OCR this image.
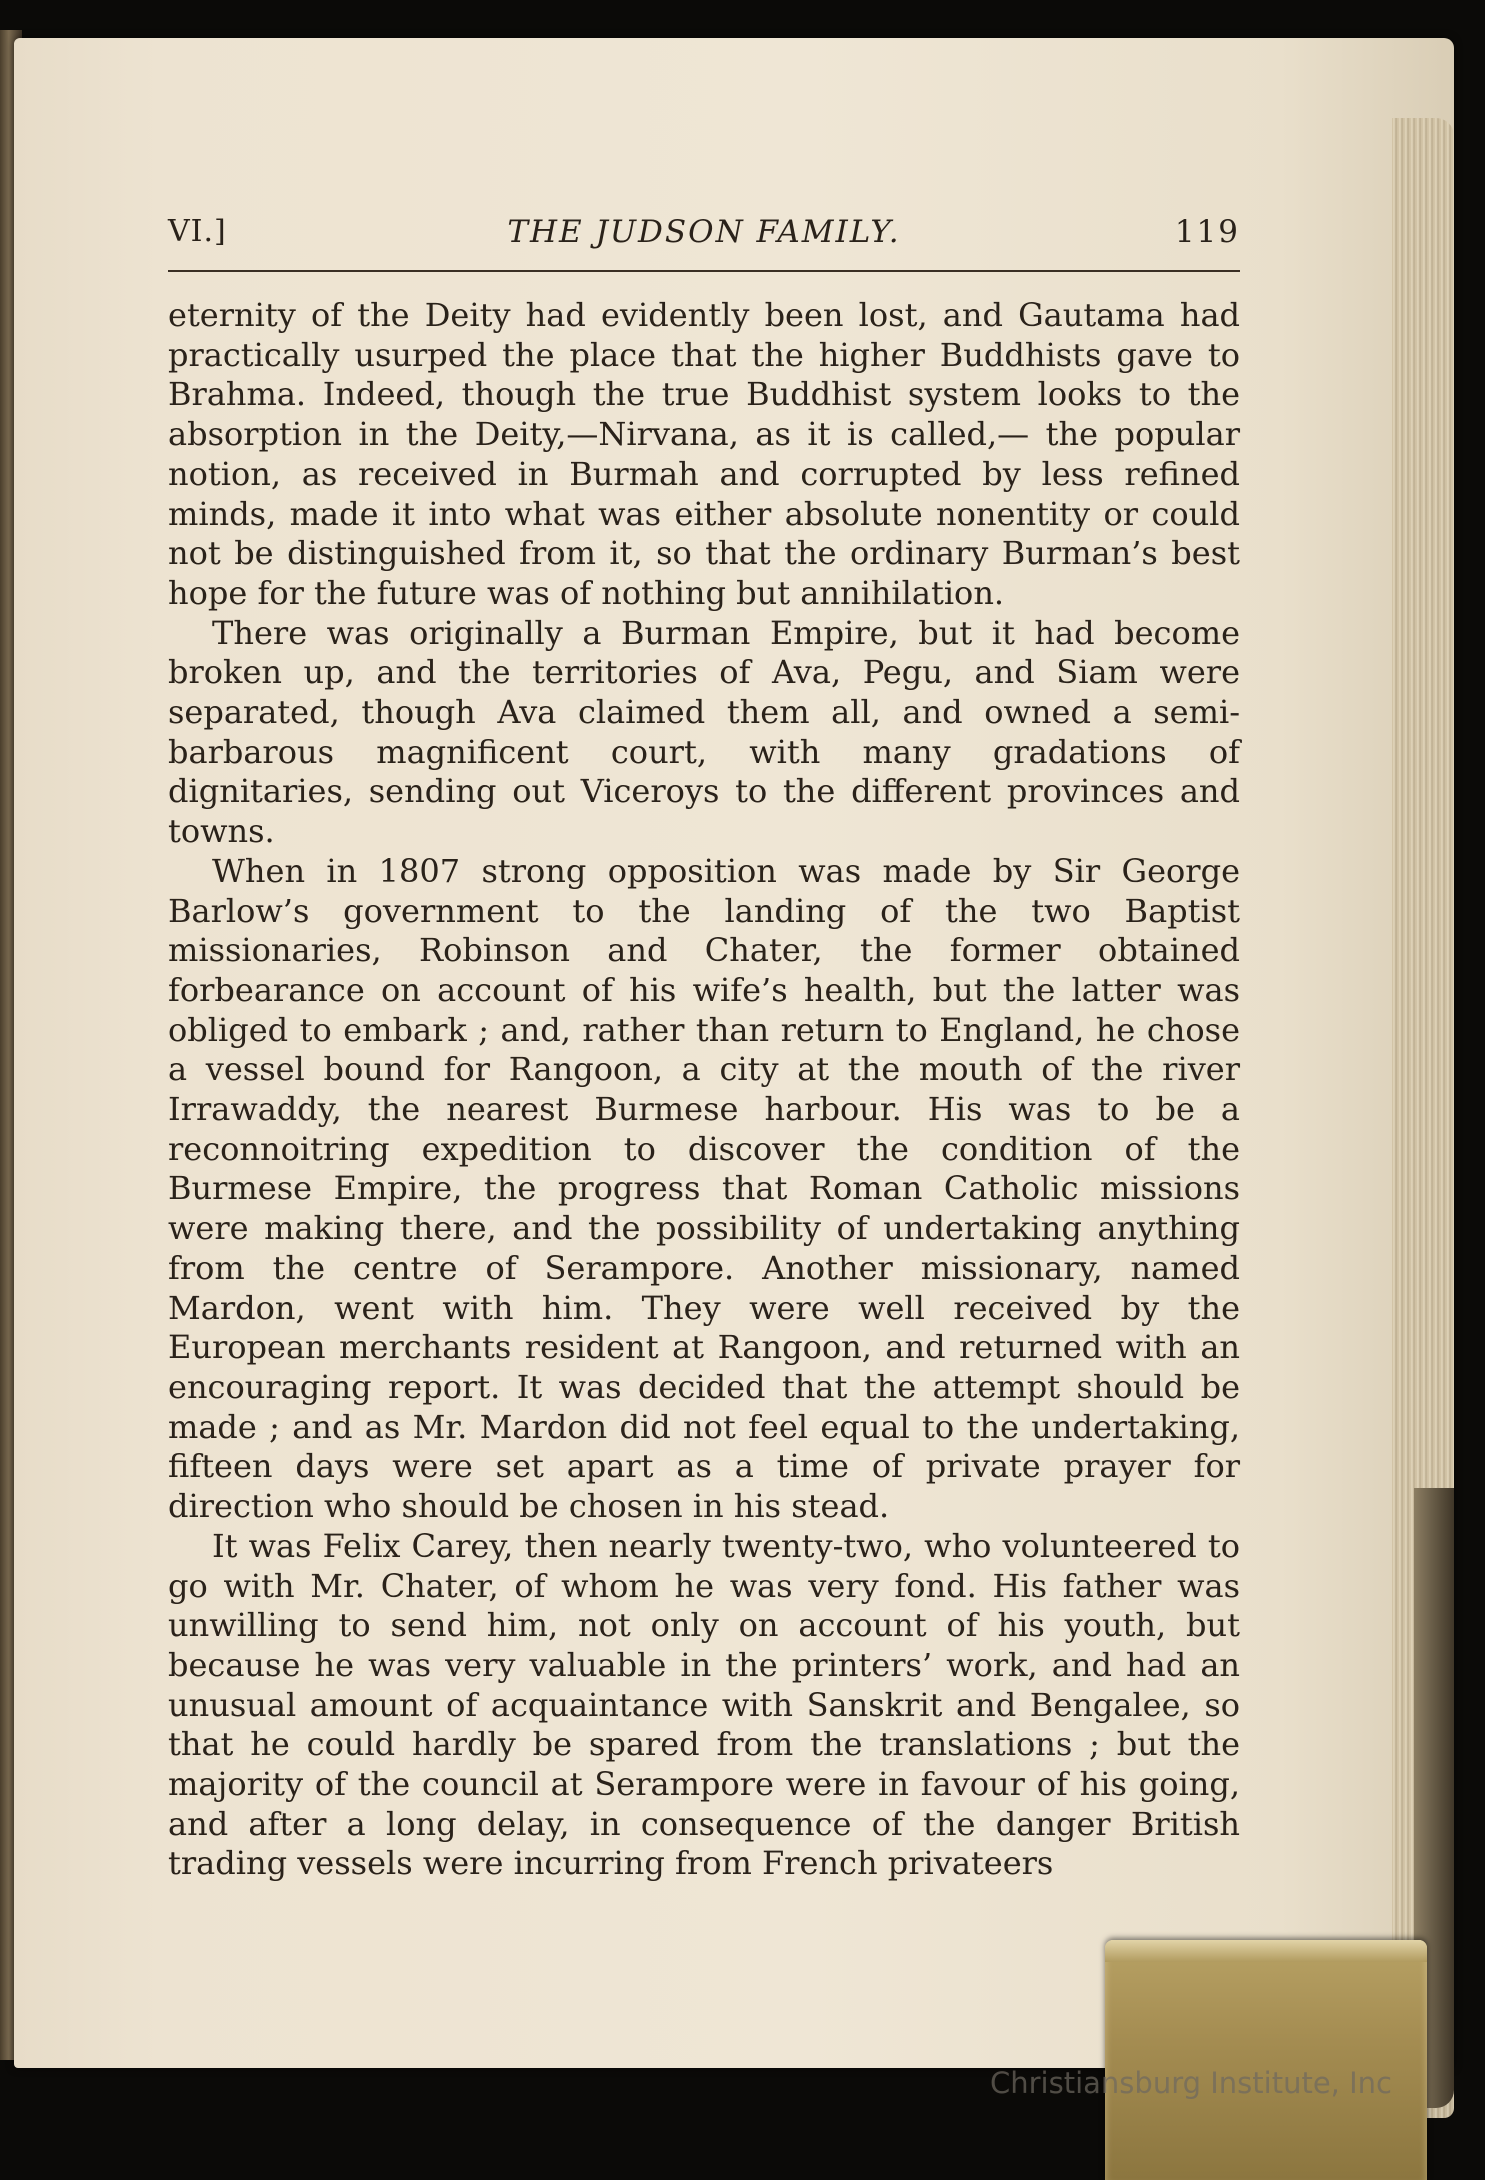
VI.]	THE JUDSON FAMILY.	119

eternity of the Deity had evidently been lost, and Gautama had practically usurped the place that the higher Buddhists gave to Brahma. Indeed, though the true Buddhist system looks to the absorption in the Deity,—Nirvana, as it is called,— the popular notion, as received in Burmah and corrupted by less refined minds, made it into what was either absolute nonentity or could not be distinguished from it, so that the ordinary Burman’s best hope for the future was of nothing but annihilation.

There was originally a Burman Empire, but it had become broken up, and the territories of Ava, Pegu, and Siam were separated, though Ava claimed them all, and owned a semi-barbarous magnificent court, with many gradations of dignitaries, sending out Viceroys to the different provinces and towns.

When in 1807 strong opposition was made by Sir George Barlow’s government to the landing of the two Baptist missionaries, Robinson and Chater, the former obtained forbearance on account of his wife’s health, but the latter was obliged to embark ; and, rather than return to England, he chose a vessel bound for Rangoon, a city at the mouth of the river Irrawaddy, the nearest Burmese harbour. His was to be a reconnoitring expedition to discover the condition of the Burmese Empire, the progress that Roman Catholic missions were making there, and the possibility of undertaking anything from the centre of Serampore. Another missionary, named Mardon, went with him. They were well received by the European merchants resident at Rangoon, and returned with an encouraging report. It was decided that the attempt should be made ; and as Mr. Mardon did not feel equal to the undertaking, fifteen days were set apart as a time of private prayer for direction who should be chosen in his stead.

It was Felix Carey, then nearly twenty-two, who volunteered to go with Mr. Chater, of whom he was very fond. His father was unwilling to send him, not only on account of his youth, but because he was very valuable in the printers’ work, and had an unusual amount of acquaintance with Sanskrit and Bengalee, so that he could hardly be spared from the translations ; but the majority of the council at Serampore were in favour of his going, and after a long delay, in consequence of the danger British trading vessels were incurring from French privateers

Christiansburg Institute, Inc
